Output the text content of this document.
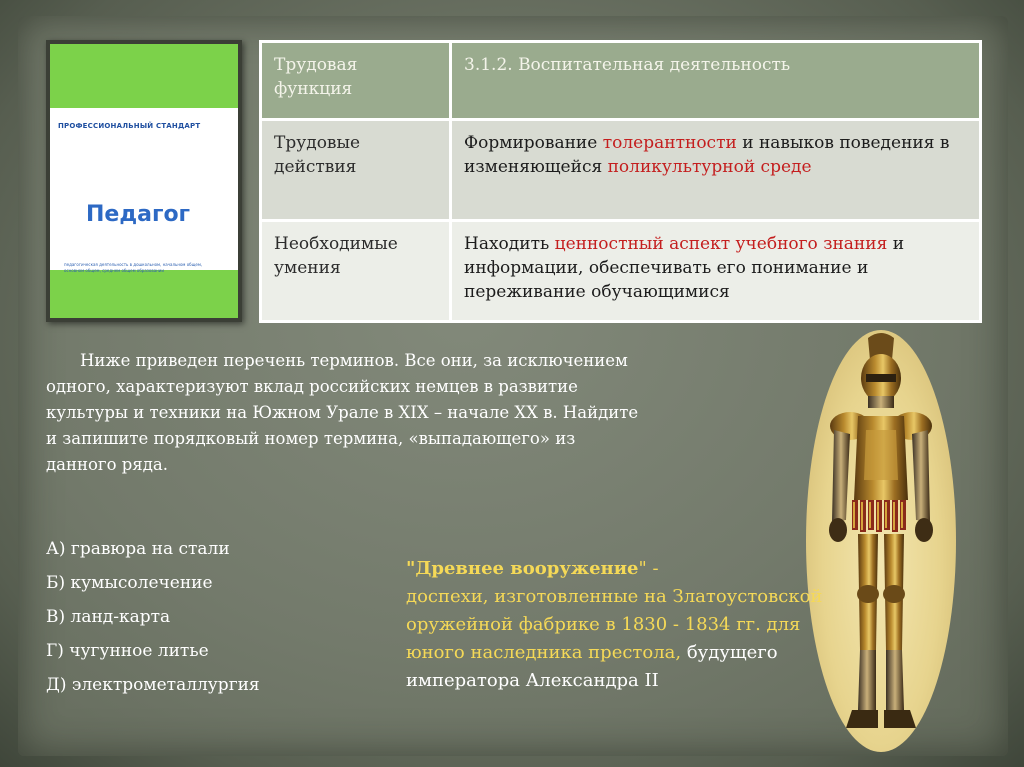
ПРОФЕССИОНАЛЬНЫЙ СТАНДАРТ
Педагог
педагогическая деятельность в дошкольном, начальном общем, основном общем, среднем общем образовании
Трудовая функция	3.1.2. Воспитательная деятельность
Трудовые действия	Формирование толерантности и навыков поведения в изменяющейся поликультурной среде
Необходимые умения	Находить ценностный аспект учебного знания и информации, обеспечивать его понимание и переживание обучающимися

Ниже приведен перечень терминов. Все они, за исключением одного, характеризуют вклад российских немцев в развитие культуры и техники на Южном Урале в XIX – начале XX в. Найдите и запишите порядковый номер термина, «выпадающего» из данного ряда.

А) гравюра на стали
Б) кумысолечение
В) ланд-карта
Г) чугунное литье
Д) электрометаллургия
"Древнее вооружение" -
доспехи, изготовленные на Златоустовской оружейной фабрике в 1830 - 1834 гг. для юного наследника престола, будущего императора Александра II
